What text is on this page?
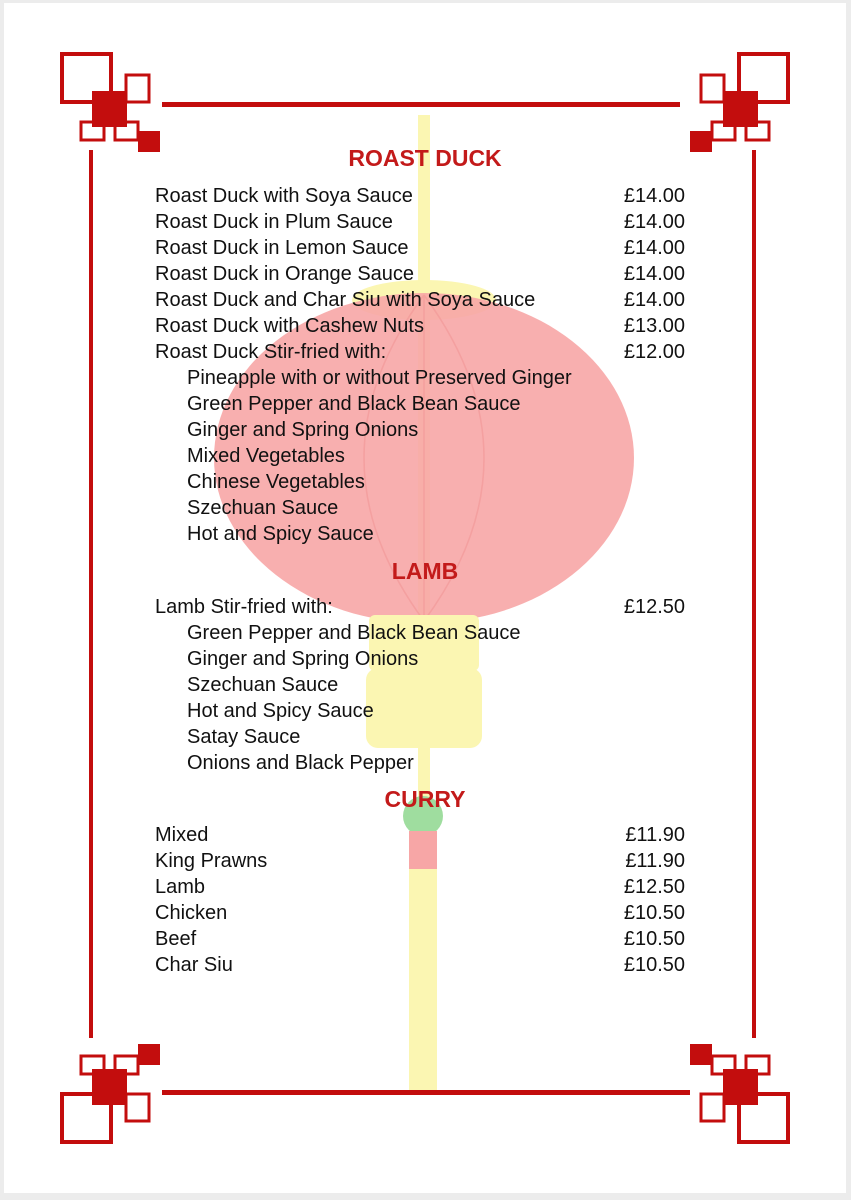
ROAST DUCK
Roast Duck with Soya Sauce	£14.00
Roast Duck in Plum Sauce	£14.00
Roast Duck in Lemon Sauce	£14.00
Roast Duck in Orange Sauce	£14.00
Roast Duck and Char Siu with Soya Sauce	£14.00
Roast Duck with Cashew Nuts	£13.00
Roast Duck Stir-fried with:	£12.00
Pineapple with or without Preserved Ginger
Green Pepper and Black Bean Sauce
Ginger and Spring Onions
Mixed Vegetables
Chinese Vegetables
Szechuan Sauce
Hot and Spicy Sauce
LAMB
Lamb Stir-fried with:	£12.50
Green Pepper and Black Bean Sauce
Ginger and Spring Onions
Szechuan Sauce
Hot and Spicy Sauce
Satay Sauce
Onions and Black Pepper
CURRY
Mixed	£11.90
King Prawns	£11.90
Lamb	£12.50
Chicken	£10.50
Beef	£10.50
Char Siu	£10.50
